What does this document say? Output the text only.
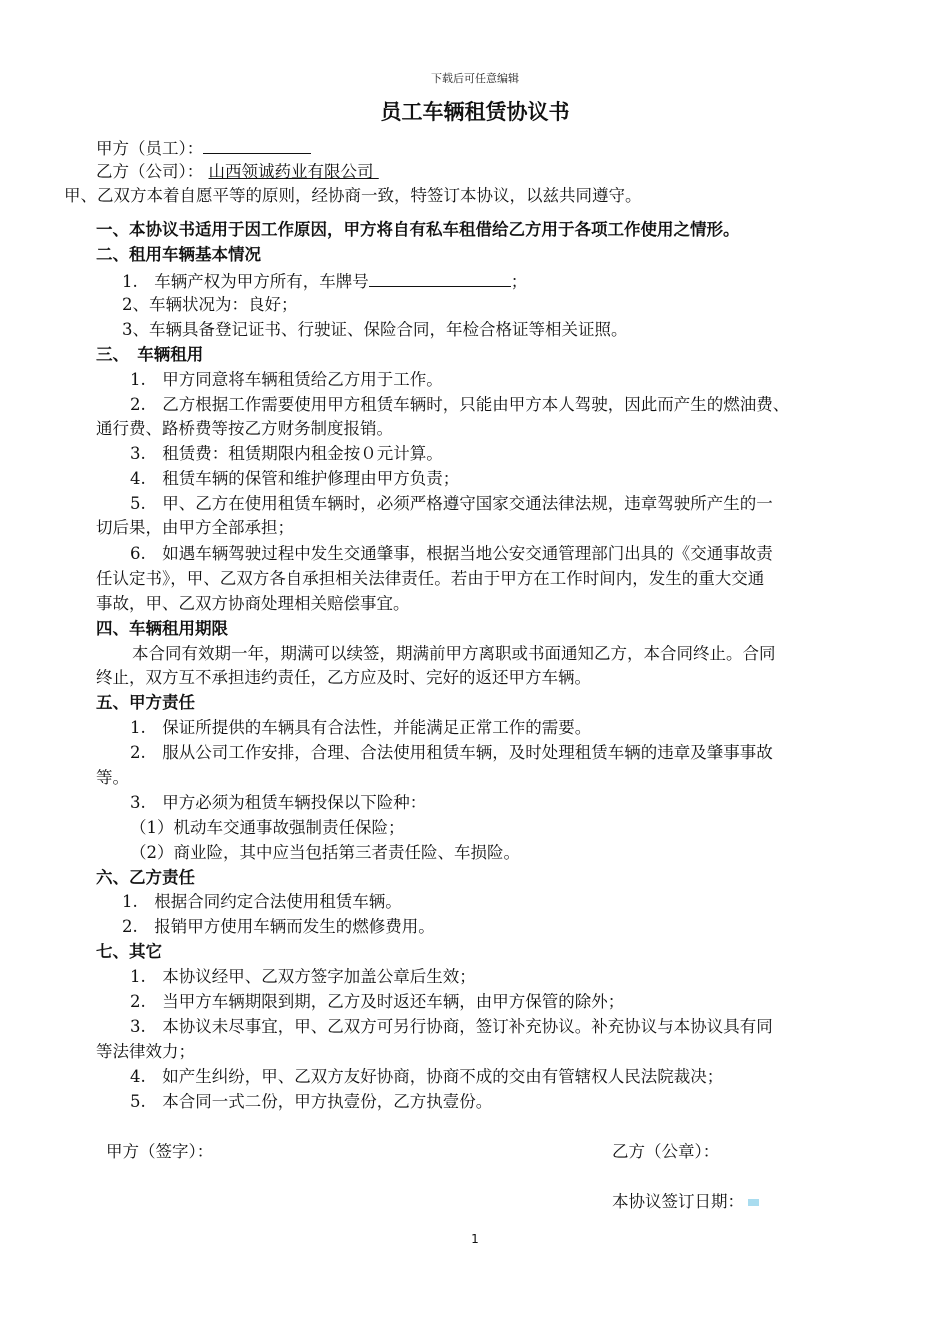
下载后可任意编辑
员工车辆租赁协议书
甲方（员工）：
乙方（公司）： 山西领诚药业有限公司
甲、乙双方本着自愿平等的原则，经协商一致，特签订本协议，以兹共同遵守。
一、本协议书适用于因工作原因，甲方将自有私车租借给乙方用于各项工作使用之情形。
二、租用车辆基本情况
1.　车辆产权为甲方所有，车牌号	；
2、车辆状况为：良好；
3、车辆具备登记证书、行驶证、保险合同，年检合格证等相关证照。
三、　车辆租用
1.　甲方同意将车辆租赁给乙方用于工作。
2.　乙方根据工作需要使用甲方租赁车辆时，只能由甲方本人驾驶，因此而产生的燃油费、
通行费、路桥费等按乙方财务制度报销。
3.　租赁费：租赁期限内租金按０元计算。
4.　租赁车辆的保管和维护修理由甲方负责；
5.　甲、乙方在使用租赁车辆时，必须严格遵守国家交通法律法规，违章驾驶所产生的一
切后果，由甲方全部承担；
6.　如遇车辆驾驶过程中发生交通肇事，根据当地公安交通管理部门出具的《交通事故责
任认定书》，甲、乙双方各自承担相关法律责任。若由于甲方在工作时间内，发生的重大交通
事故，甲、乙双方协商处理相关赔偿事宜。
四、车辆租用期限
本合同有效期一年，期满可以续签，期满前甲方离职或书面通知乙方，本合同终止。合同
终止，双方互不承担违约责任，乙方应及时、完好的返还甲方车辆。
五、甲方责任
1.　保证所提供的车辆具有合法性，并能满足正常工作的需要。
2.　服从公司工作安排，合理、合法使用租赁车辆，及时处理租赁车辆的违章及肇事事故
等。
3.　甲方必须为租赁车辆投保以下险种：
（1）机动车交通事故强制责任保险；
（2）商业险，其中应当包括第三者责任险、车损险。
六、乙方责任
1.　根据合同约定合法使用租赁车辆。
2.　报销甲方使用车辆而发生的燃修费用。
七、其它
1.　本协议经甲、乙双方签字加盖公章后生效；
2.　当甲方车辆期限到期，乙方及时返还车辆，由甲方保管的除外；
3.　本协议未尽事宜，甲、乙双方可另行协商，签订补充协议。补充协议与本协议具有同
等法律效力；
4.　如产生纠纷，甲、乙双方友好协商，协商不成的交由有管辖权人民法院裁决；
5.　本合同一式二份，甲方执壹份，乙方执壹份。
甲方（签字）：	乙方（公章）：
本协议签订日期：
1
